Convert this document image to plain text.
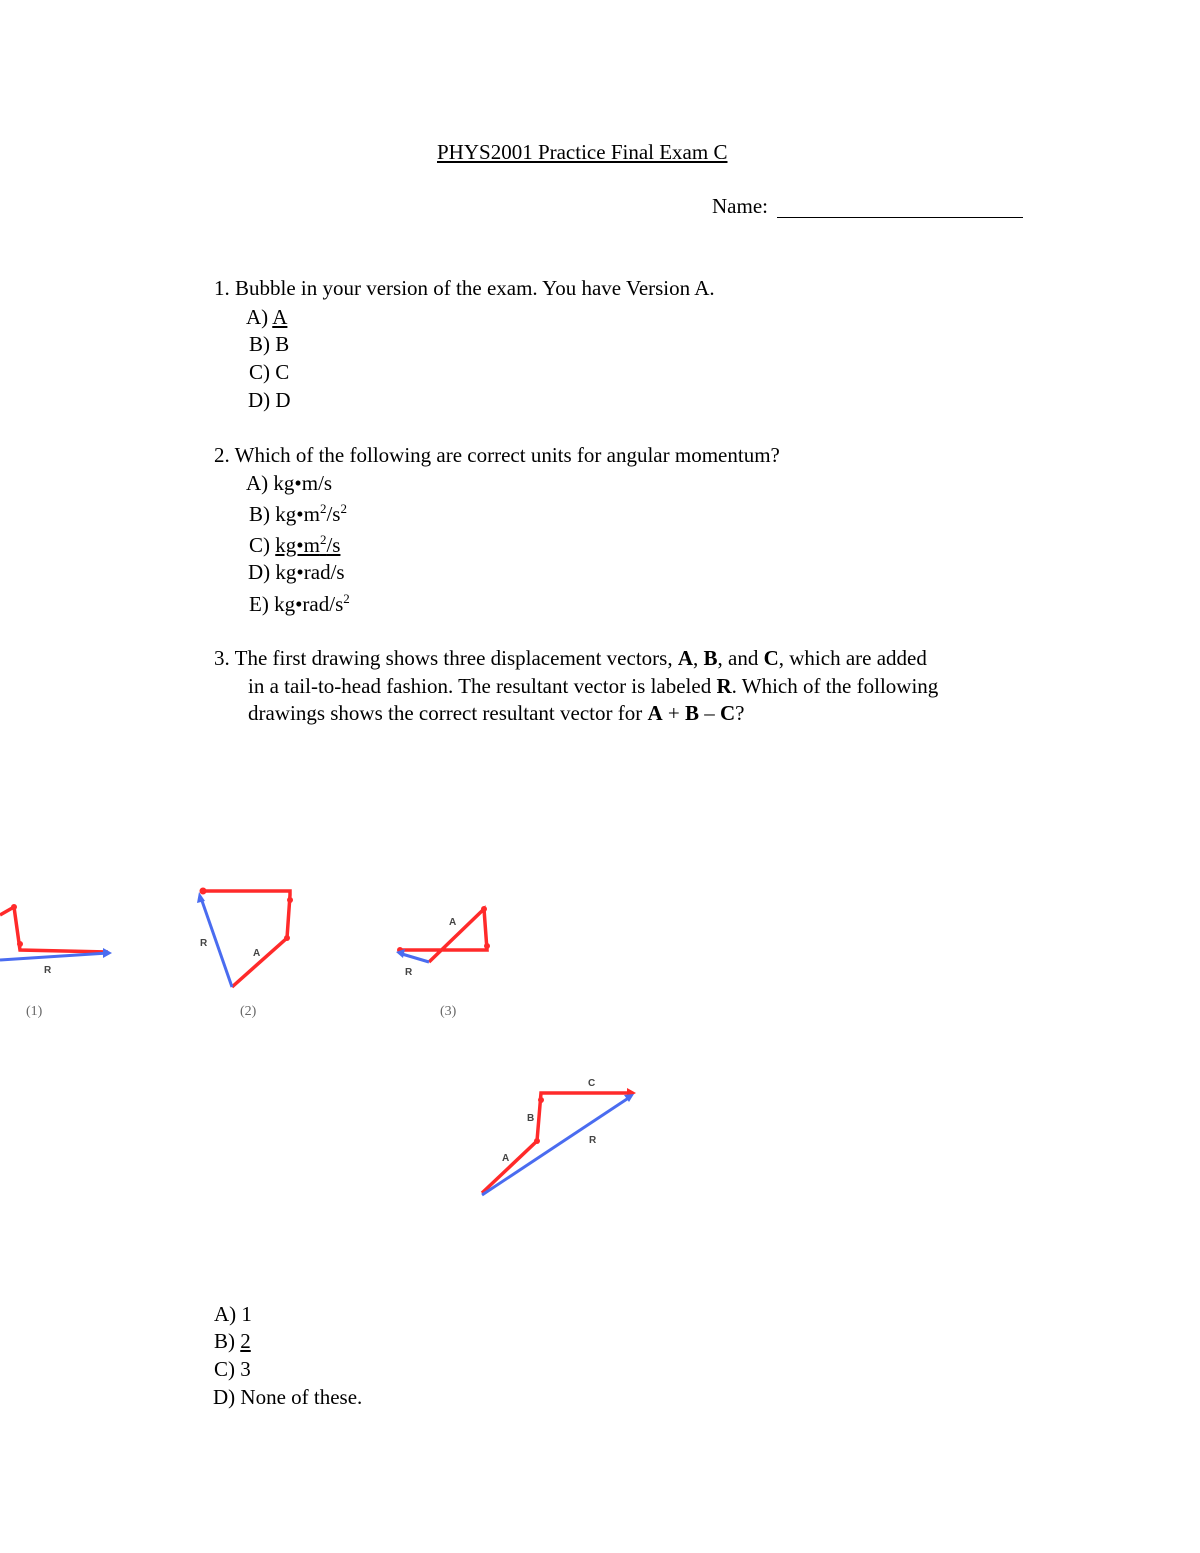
PHYS2001 Practice Final Exam C
Name:
1. Bubble in your version of the exam. You have Version A.
A) A
B) B
C) C
D) D
2. Which of the following are correct units for angular momentum?
A) kg•m/s
B) $kg•m^2/s^2$
C) $kg•m^2/s$
D) kg•rad/s
E) $kg•rad/s^2$
3. The first drawing shows three displacement vectors, A, B, and C, which are added
in a tail-to-head fashion. The resultant vector is labeled R. Which of the following
drawings shows the correct resultant vector for A + B – C?
R
(1)
R
A
(2)
A
R
(3)
A
B
C
R
A) 1
B) 2
C) 3
D) None of these.
